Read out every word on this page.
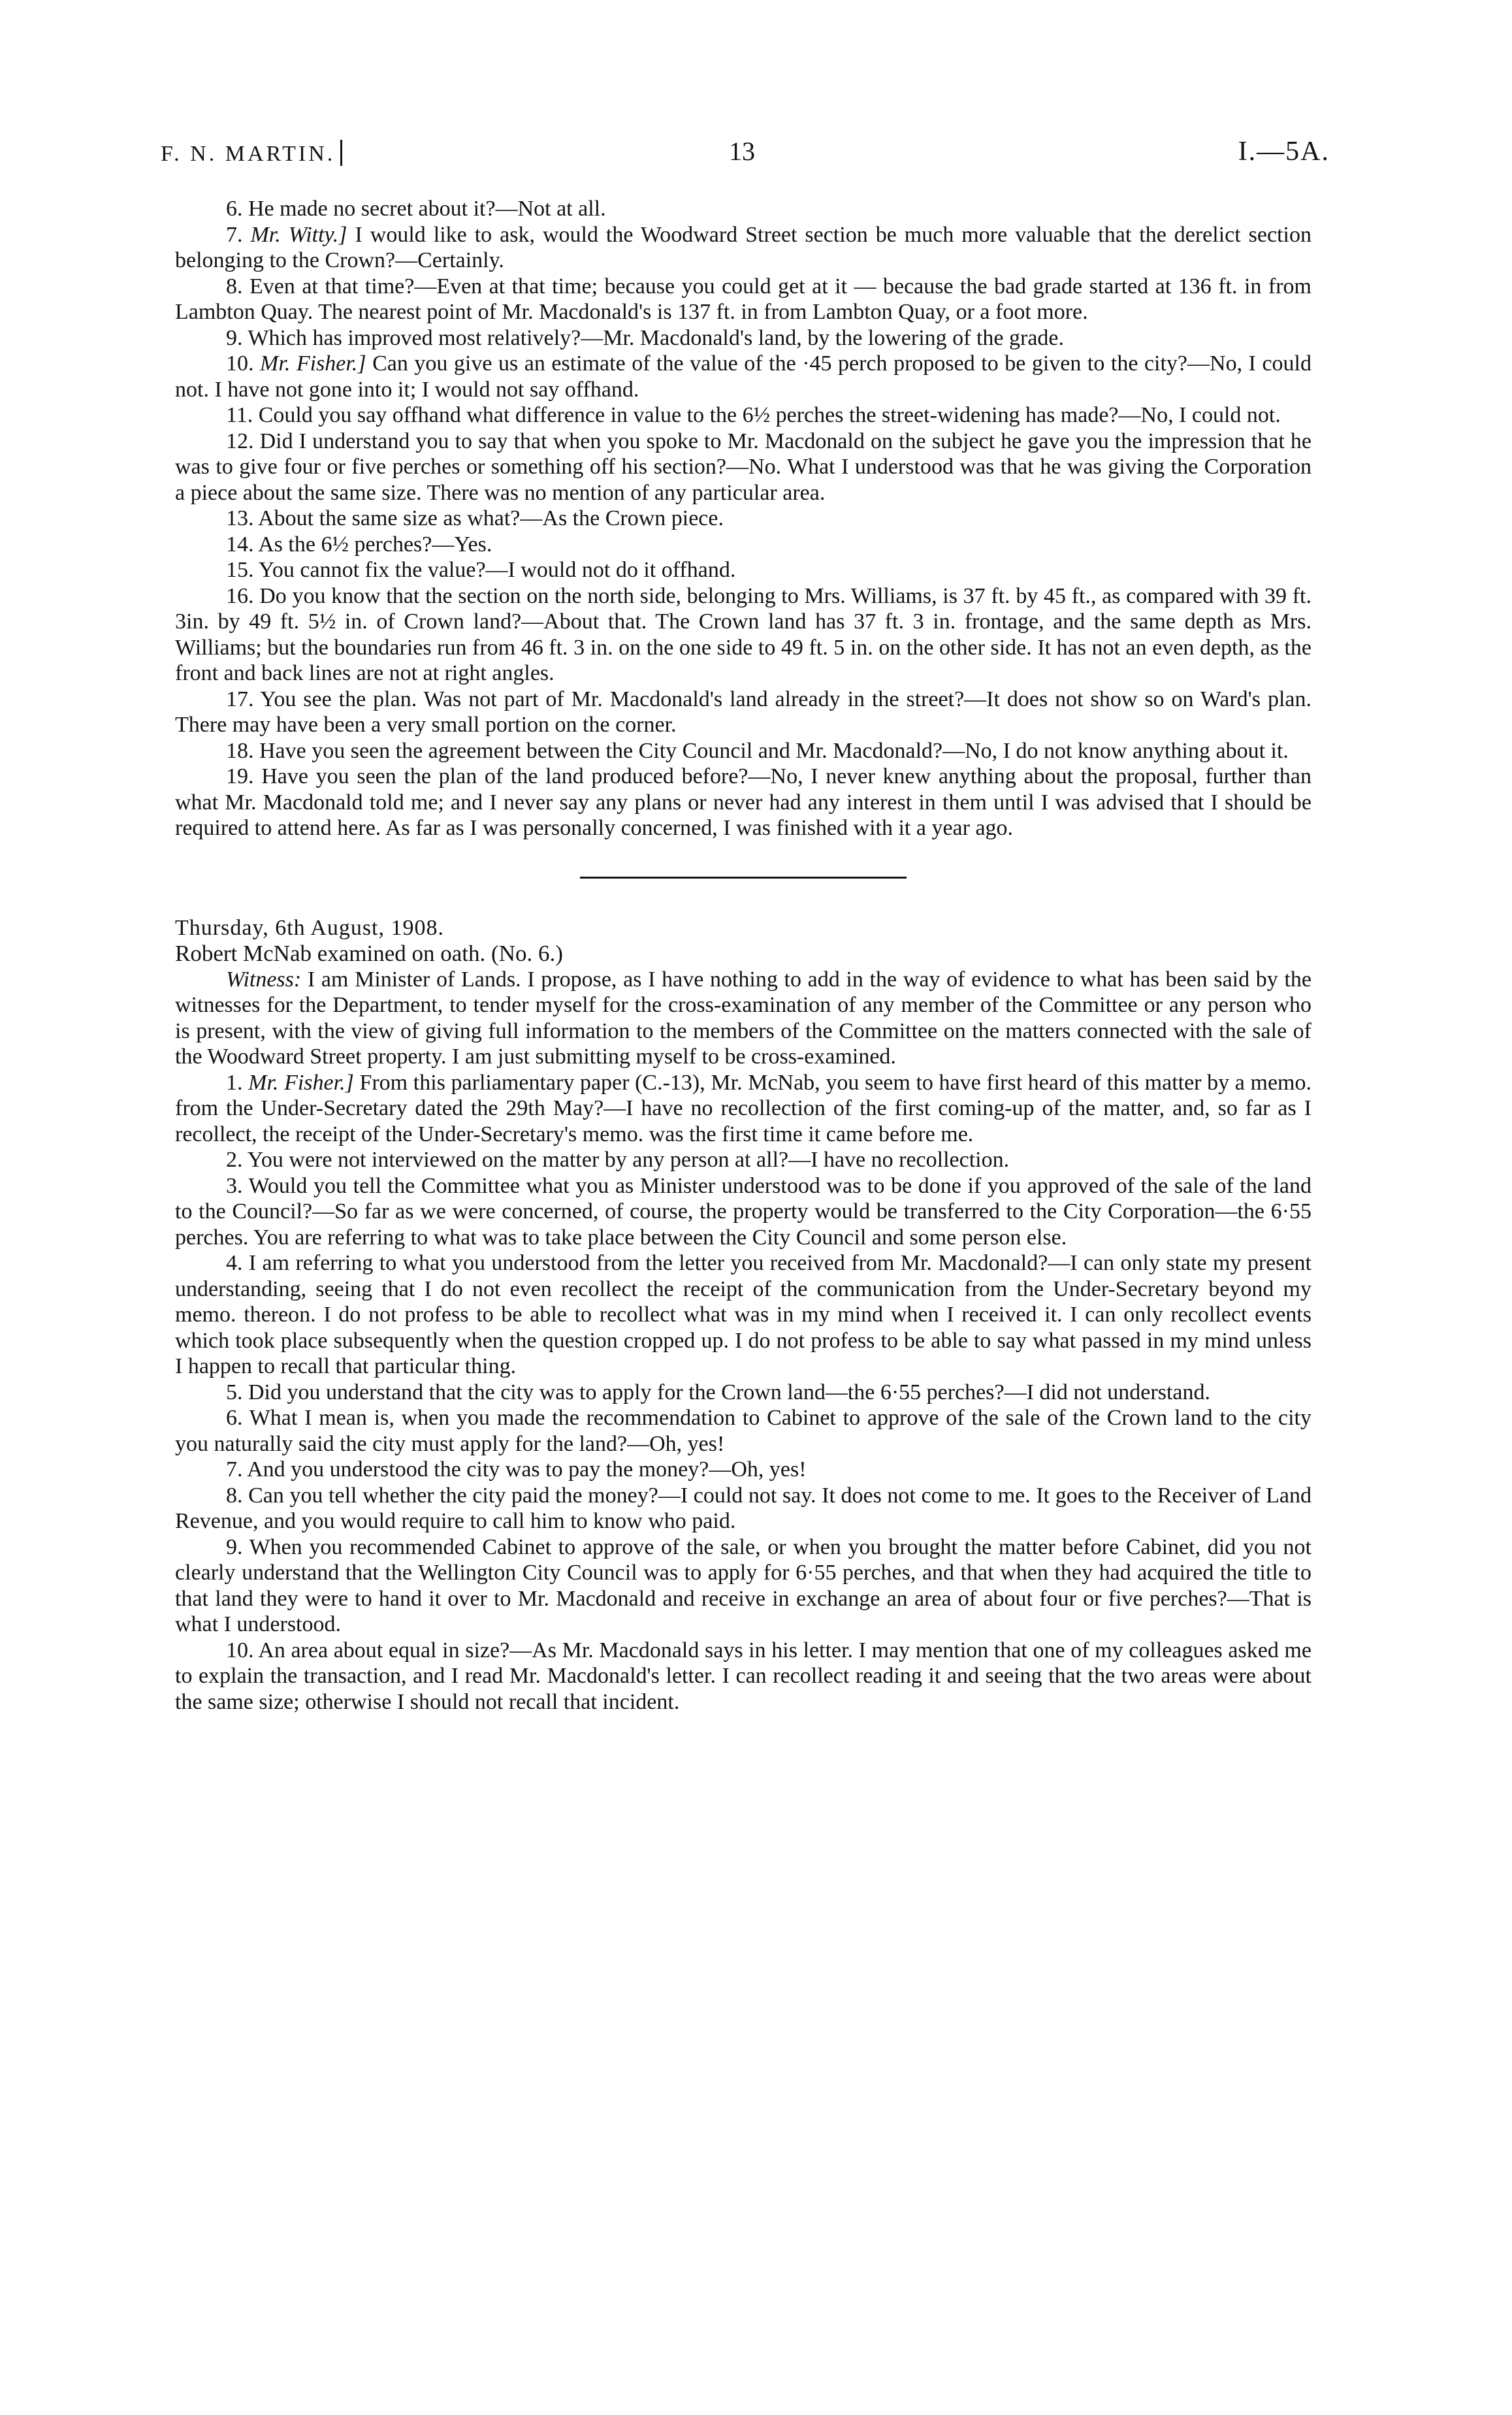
F. N. MARTIN.	13	I.—5A.

6. He made no secret about it?—Not at all.

7. Mr. Witty.] I would like to ask, would the Woodward Street section be much more valuable that the derelict section belonging to the Crown?—Certainly.

8. Even at that time?—Even at that time; because you could get at it — because the bad grade started at 136 ft. in from Lambton Quay. The nearest point of Mr. Macdonald's is 137 ft. in from Lambton Quay, or a foot more.

9. Which has improved most relatively?—Mr. Macdonald's land, by the lowering of the grade.

10. Mr. Fisher.] Can you give us an estimate of the value of the ·45 perch proposed to be given to the city?—No, I could not. I have not gone into it; I would not say offhand.

11. Could you say offhand what difference in value to the 6½ perches the street-widening has made?—No, I could not.

12. Did I understand you to say that when you spoke to Mr. Macdonald on the subject he gave you the impression that he was to give four or five perches or something off his section?—No. What I understood was that he was giving the Corporation a piece about the same size. There was no mention of any particular area.

13. About the same size as what?—As the Crown piece.

14. As the 6½ perches?—Yes.

15. You cannot fix the value?—I would not do it offhand.

16. Do you know that the section on the north side, belonging to Mrs. Williams, is 37 ft. by 45 ft., as compared with 39 ft. 3in. by 49 ft. 5½ in. of Crown land?—About that. The Crown land has 37 ft. 3 in. frontage, and the same depth as Mrs. Williams; but the boundaries run from 46 ft. 3 in. on the one side to 49 ft. 5 in. on the other side. It has not an even depth, as the front and back lines are not at right angles.

17. You see the plan. Was not part of Mr. Macdonald's land already in the street?—It does not show so on Ward's plan. There may have been a very small portion on the corner.

18. Have you seen the agreement between the City Council and Mr. Macdonald?—No, I do not know anything about it.

19. Have you seen the plan of the land produced before?—No, I never knew anything about the proposal, further than what Mr. Macdonald told me; and I never say any plans or never had any interest in them until I was advised that I should be required to attend here. As far as I was personally concerned, I was finished with it a year ago.

Thursday, 6th August, 1908.

Robert McNab examined on oath. (No. 6.)

Witness: I am Minister of Lands. I propose, as I have nothing to add in the way of evidence to what has been said by the witnesses for the Department, to tender myself for the cross-examination of any member of the Committee or any person who is present, with the view of giving full information to the members of the Committee on the matters connected with the sale of the Woodward Street property. I am just submitting myself to be cross-examined.

1. Mr. Fisher.] From this parliamentary paper (C.-13), Mr. McNab, you seem to have first heard of this matter by a memo. from the Under-Secretary dated the 29th May?—I have no recollection of the first coming-up of the matter, and, so far as I recollect, the receipt of the Under-Secretary's memo. was the first time it came before me.

2. You were not interviewed on the matter by any person at all?—I have no recollection.

3. Would you tell the Committee what you as Minister understood was to be done if you approved of the sale of the land to the Council?—So far as we were concerned, of course, the property would be transferred to the City Corporation—the 6·55 perches. You are referring to what was to take place between the City Council and some person else.

4. I am referring to what you understood from the letter you received from Mr. Macdonald?—I can only state my present understanding, seeing that I do not even recollect the receipt of the communication from the Under-Secretary beyond my memo. thereon. I do not profess to be able to recollect what was in my mind when I received it. I can only recollect events which took place subsequently when the question cropped up. I do not profess to be able to say what passed in my mind unless I happen to recall that particular thing.

5. Did you understand that the city was to apply for the Crown land—the 6·55 perches?—I did not understand.

6. What I mean is, when you made the recommendation to Cabinet to approve of the sale of the Crown land to the city you naturally said the city must apply for the land?—Oh, yes!

7. And you understood the city was to pay the money?—Oh, yes!

8. Can you tell whether the city paid the money?—I could not say. It does not come to me. It goes to the Receiver of Land Revenue, and you would require to call him to know who paid.

9. When you recommended Cabinet to approve of the sale, or when you brought the matter before Cabinet, did you not clearly understand that the Wellington City Council was to apply for 6·55 perches, and that when they had acquired the title to that land they were to hand it over to Mr. Macdonald and receive in exchange an area of about four or five perches?—That is what I understood.

10. An area about equal in size?—As Mr. Macdonald says in his letter. I may mention that one of my colleagues asked me to explain the transaction, and I read Mr. Macdonald's letter. I can recollect reading it and seeing that the two areas were about the same size; otherwise I should not recall that incident.
